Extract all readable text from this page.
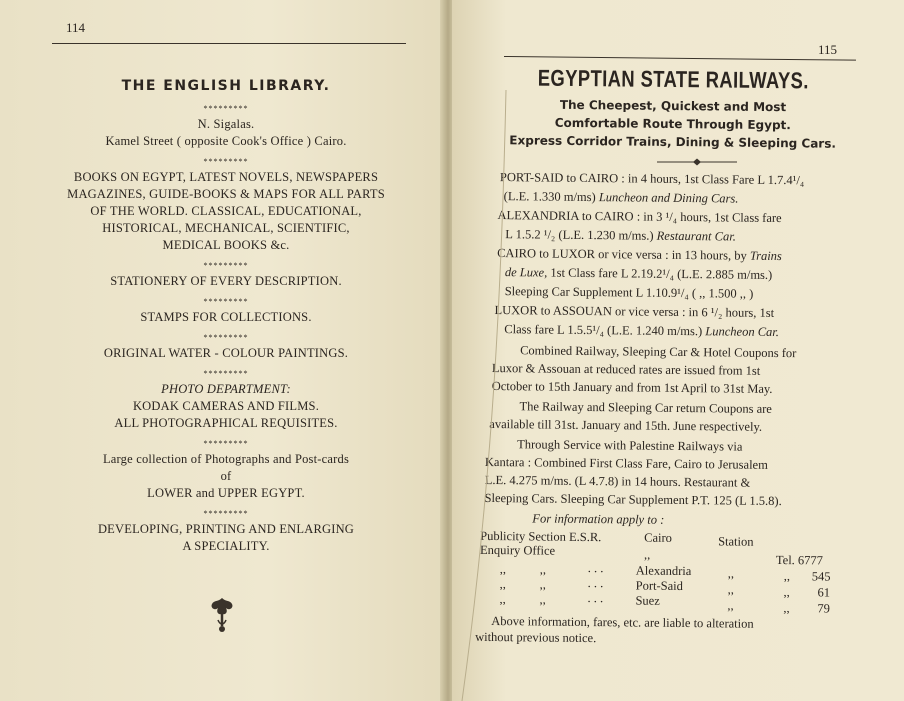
114
THE ENGLISH LIBRARY.
*********
N. Sigalas.
Kamel Street ( opposite Cook's Office ) Cairo.
*********
BOOKS ON EGYPT, LATEST NOVELS, NEWSPAPERS
MAGAZINES, GUIDE-BOOKS & MAPS FOR ALL PARTS
OF THE WORLD. CLASSICAL, EDUCATIONAL,
HISTORICAL, MECHANICAL, SCIENTIFIC,
MEDICAL BOOKS &c.
*********
STATIONERY OF EVERY DESCRIPTION.
*********
STAMPS FOR COLLECTIONS.
*********
ORIGINAL WATER - COLOUR PAINTINGS.
*********
PHOTO DEPARTMENT:
KODAK CAMERAS AND FILMS.
ALL PHOTOGRAPHICAL REQUISITES.
*********
Large collection of Photographs and Post-cards
of
LOWER and UPPER EGYPT.
*********
DEVELOPING, PRINTING AND ENLARGING
A SPECIALITY.
115
EGYPTIAN STATE RAILWAYS.
The Cheepest, Quickest and Most
Comfortable Route Through Egypt.
Express Corridor Trains, Dining & Sleeping Cars.
PORT-SAID to CAIRO : in 4 hours, 1st Class Fare L 1.7.4¹/₄
(L.E. 1.330 m/ms) Luncheon and Dining Cars.
ALEXANDRIA to CAIRO : in 3 ¹/₄ hours, 1st Class fare
L 1.5.2 ¹/₂ (L.E. 1.230 m/ms.) Restaurant Car.
CAIRO to LUXOR or vice versa : in 13 hours, by Trains
de Luxe, 1st Class fare L 2.19.2¹/₄ (L.E. 2.885 m/ms.)
Sleeping Car Supplement L 1.10.9¹/₄ ( ,, 1.500 ,, )
LUXOR to ASSOUAN or vice versa : in 6 ¹/₂ hours, 1st
Class fare L 1.5.5¹/₄ (L.E. 1.240 m/ms.) Luncheon Car.
Combined Railway, Sleeping Car & Hotel Coupons for
Luxor & Assouan at reduced rates are issued from 1st
October to 15th January and from 1st April to 31st May.
The Railway and Sleeping Car return Coupons are
available till 31st. January and 15th. June respectively.
Through Service with Palestine Railways via
Kantara : Combined First Class Fare, Cairo to Jerusalem
L.E. 4.275 m/ms. (L 4.7.8) in 14 hours. Restaurant &
Sleeping Cars. Sleeping Car Supplement P.T. 125 (L 1.5.8).
For information apply to :
Publicity Section E.S.R.	Cairo	Station
Enquiry Office	,,	Tel. 6777
,,	,,	. . .	Alexandria	,,	,, 545
,,	,,	. . .	Port-Said	,,	,, 61
,,	,,	. . .	Suez	,,	,, 79
Above information, fares, etc. are liable to alteration
without previous notice.
